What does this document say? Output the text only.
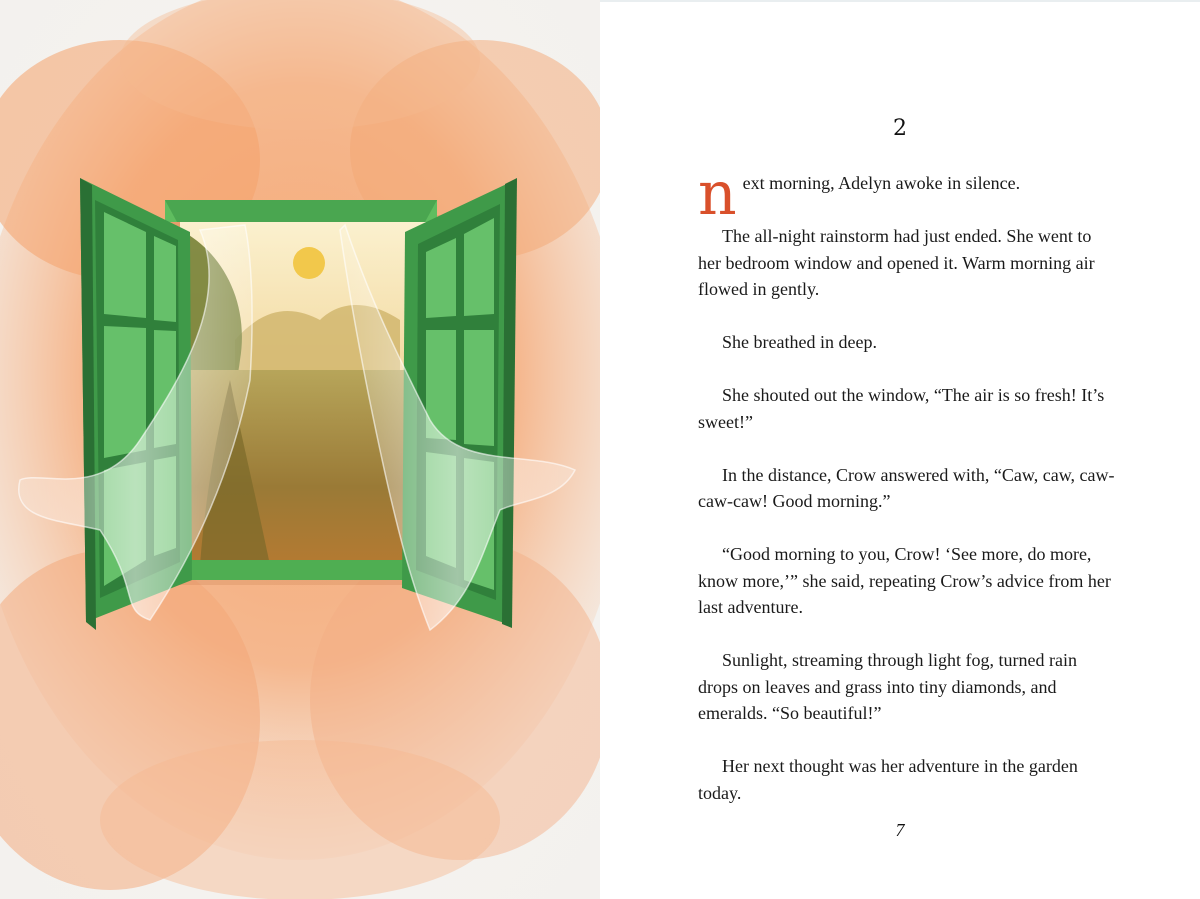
2

next morning, Adelyn awoke in silence.

The all-night rainstorm had just ended. She went to her bedroom window and opened it. Warm morning air flowed in gently.

She breathed in deep.

She shouted out the window, “The air is so fresh! It’s sweet!”

In the distance, Crow answered with, “Caw, caw, caw-caw-caw! Good morning.”

“Good morning to you, Crow! ‘See more, do more, know more,’” she said, repeating Crow’s advice from her last adventure.

Sunlight, streaming through light fog, turned rain drops on leaves and grass into tiny diamonds, and emeralds. “So beautiful!”

Her next thought was her adventure in the garden today.

7
